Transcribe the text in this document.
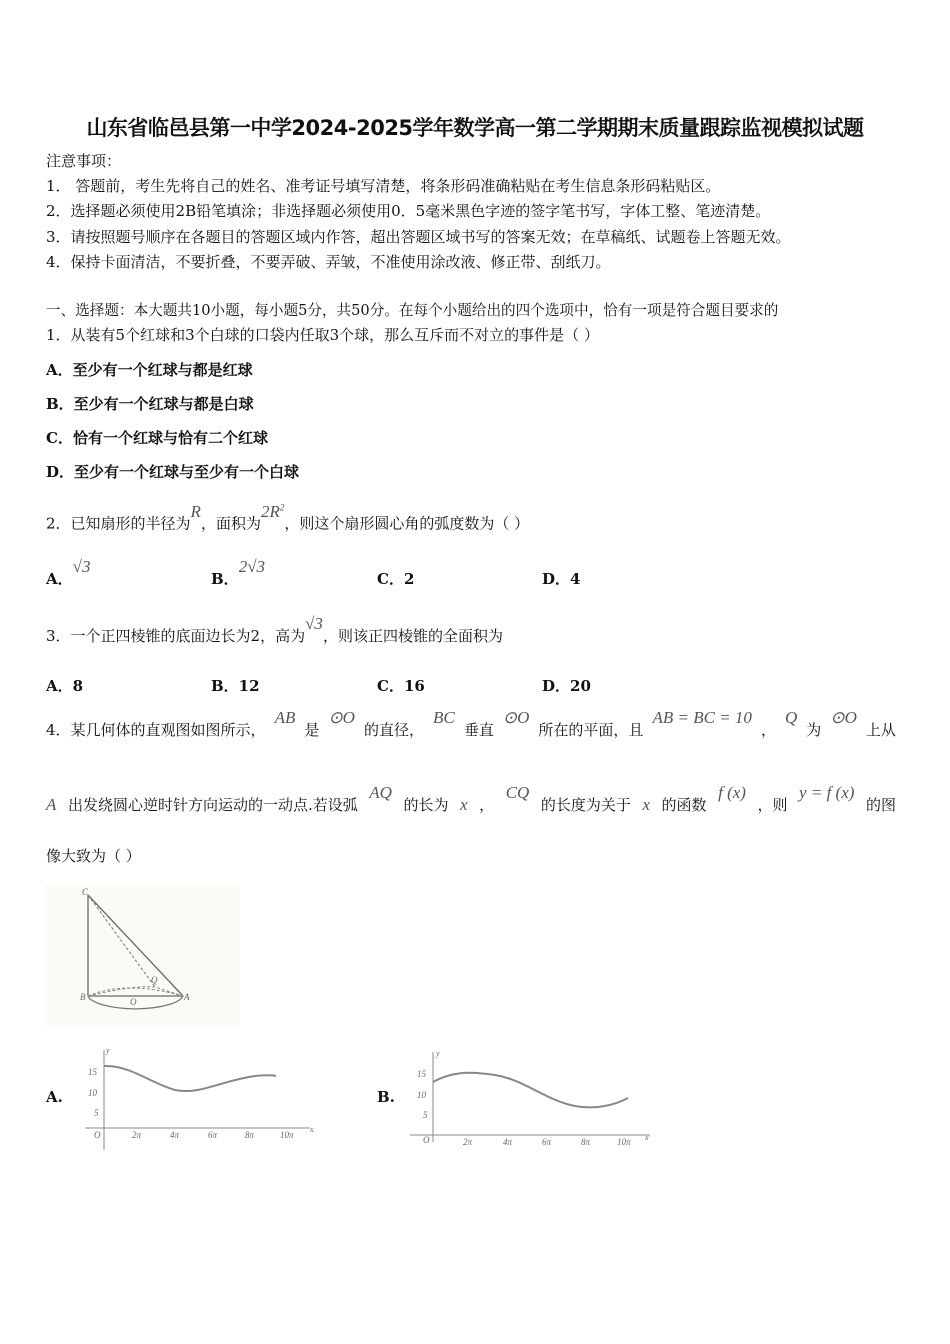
山东省临邑县第一中学2024-2025学年数学高一第二学期期末质量跟踪监视模拟试题
注意事项：
1． 答题前，考生先将自己的姓名、准考证号填写清楚，将条形码准确粘贴在考生信息条形码粘贴区。
2．选择题必须使用2B铅笔填涂；非选择题必须使用0．5毫米黑色字迹的签字笔书写，字体工整、笔迹清楚。
3．请按照题号顺序在各题目的答题区域内作答，超出答题区域书写的答案无效；在草稿纸、试题卷上答题无效。
4．保持卡面清洁，不要折叠，不要弄破、弄皱，不准使用涂改液、修正带、刮纸刀。
一、选择题：本大题共10小题，每小题5分，共50分。在每个小题给出的四个选项中，恰有一项是符合题目要求的
1．从装有5个红球和3个白球的口袋内任取3个球，那么互斥而不对立的事件是（ ）
A．至少有一个红球与都是红球
B．至少有一个红球与都是白球
C．恰有一个红球与恰有二个红球
D．至少有一个红球与至少有一个白球
2．已知扇形的半径为R，面积为$2R^2$，则这个扇形圆心角的弧度数为（ ）
A．√3
B．2√3
C．2	D．4
3．一个正四棱锥的底面边长为2，高为√3，则该正四棱锥的全面积为
A．8	B．12	C．16	D．20
4．某几何体的直观图如图所示，
AB
是
⊙O
的直径，
BC
垂直
⊙O
所在的平面，且
AB = BC = 10
，
Q
为
⊙O
上从
A 出发绕圆心逆时针方向运动的一动点.若设弧
AQ
的长为 x ，
CQ
的长度为关于 x 的函数
f (x)
，则
y = f (x)
的图
像大致为（ ）
C
Q
B	O	A
A.	B.
y
x
O
5
10
15
2π	4π	6π	8π	10π
y
x
O
5
10
15
2π	4π	6π	8π	10π
